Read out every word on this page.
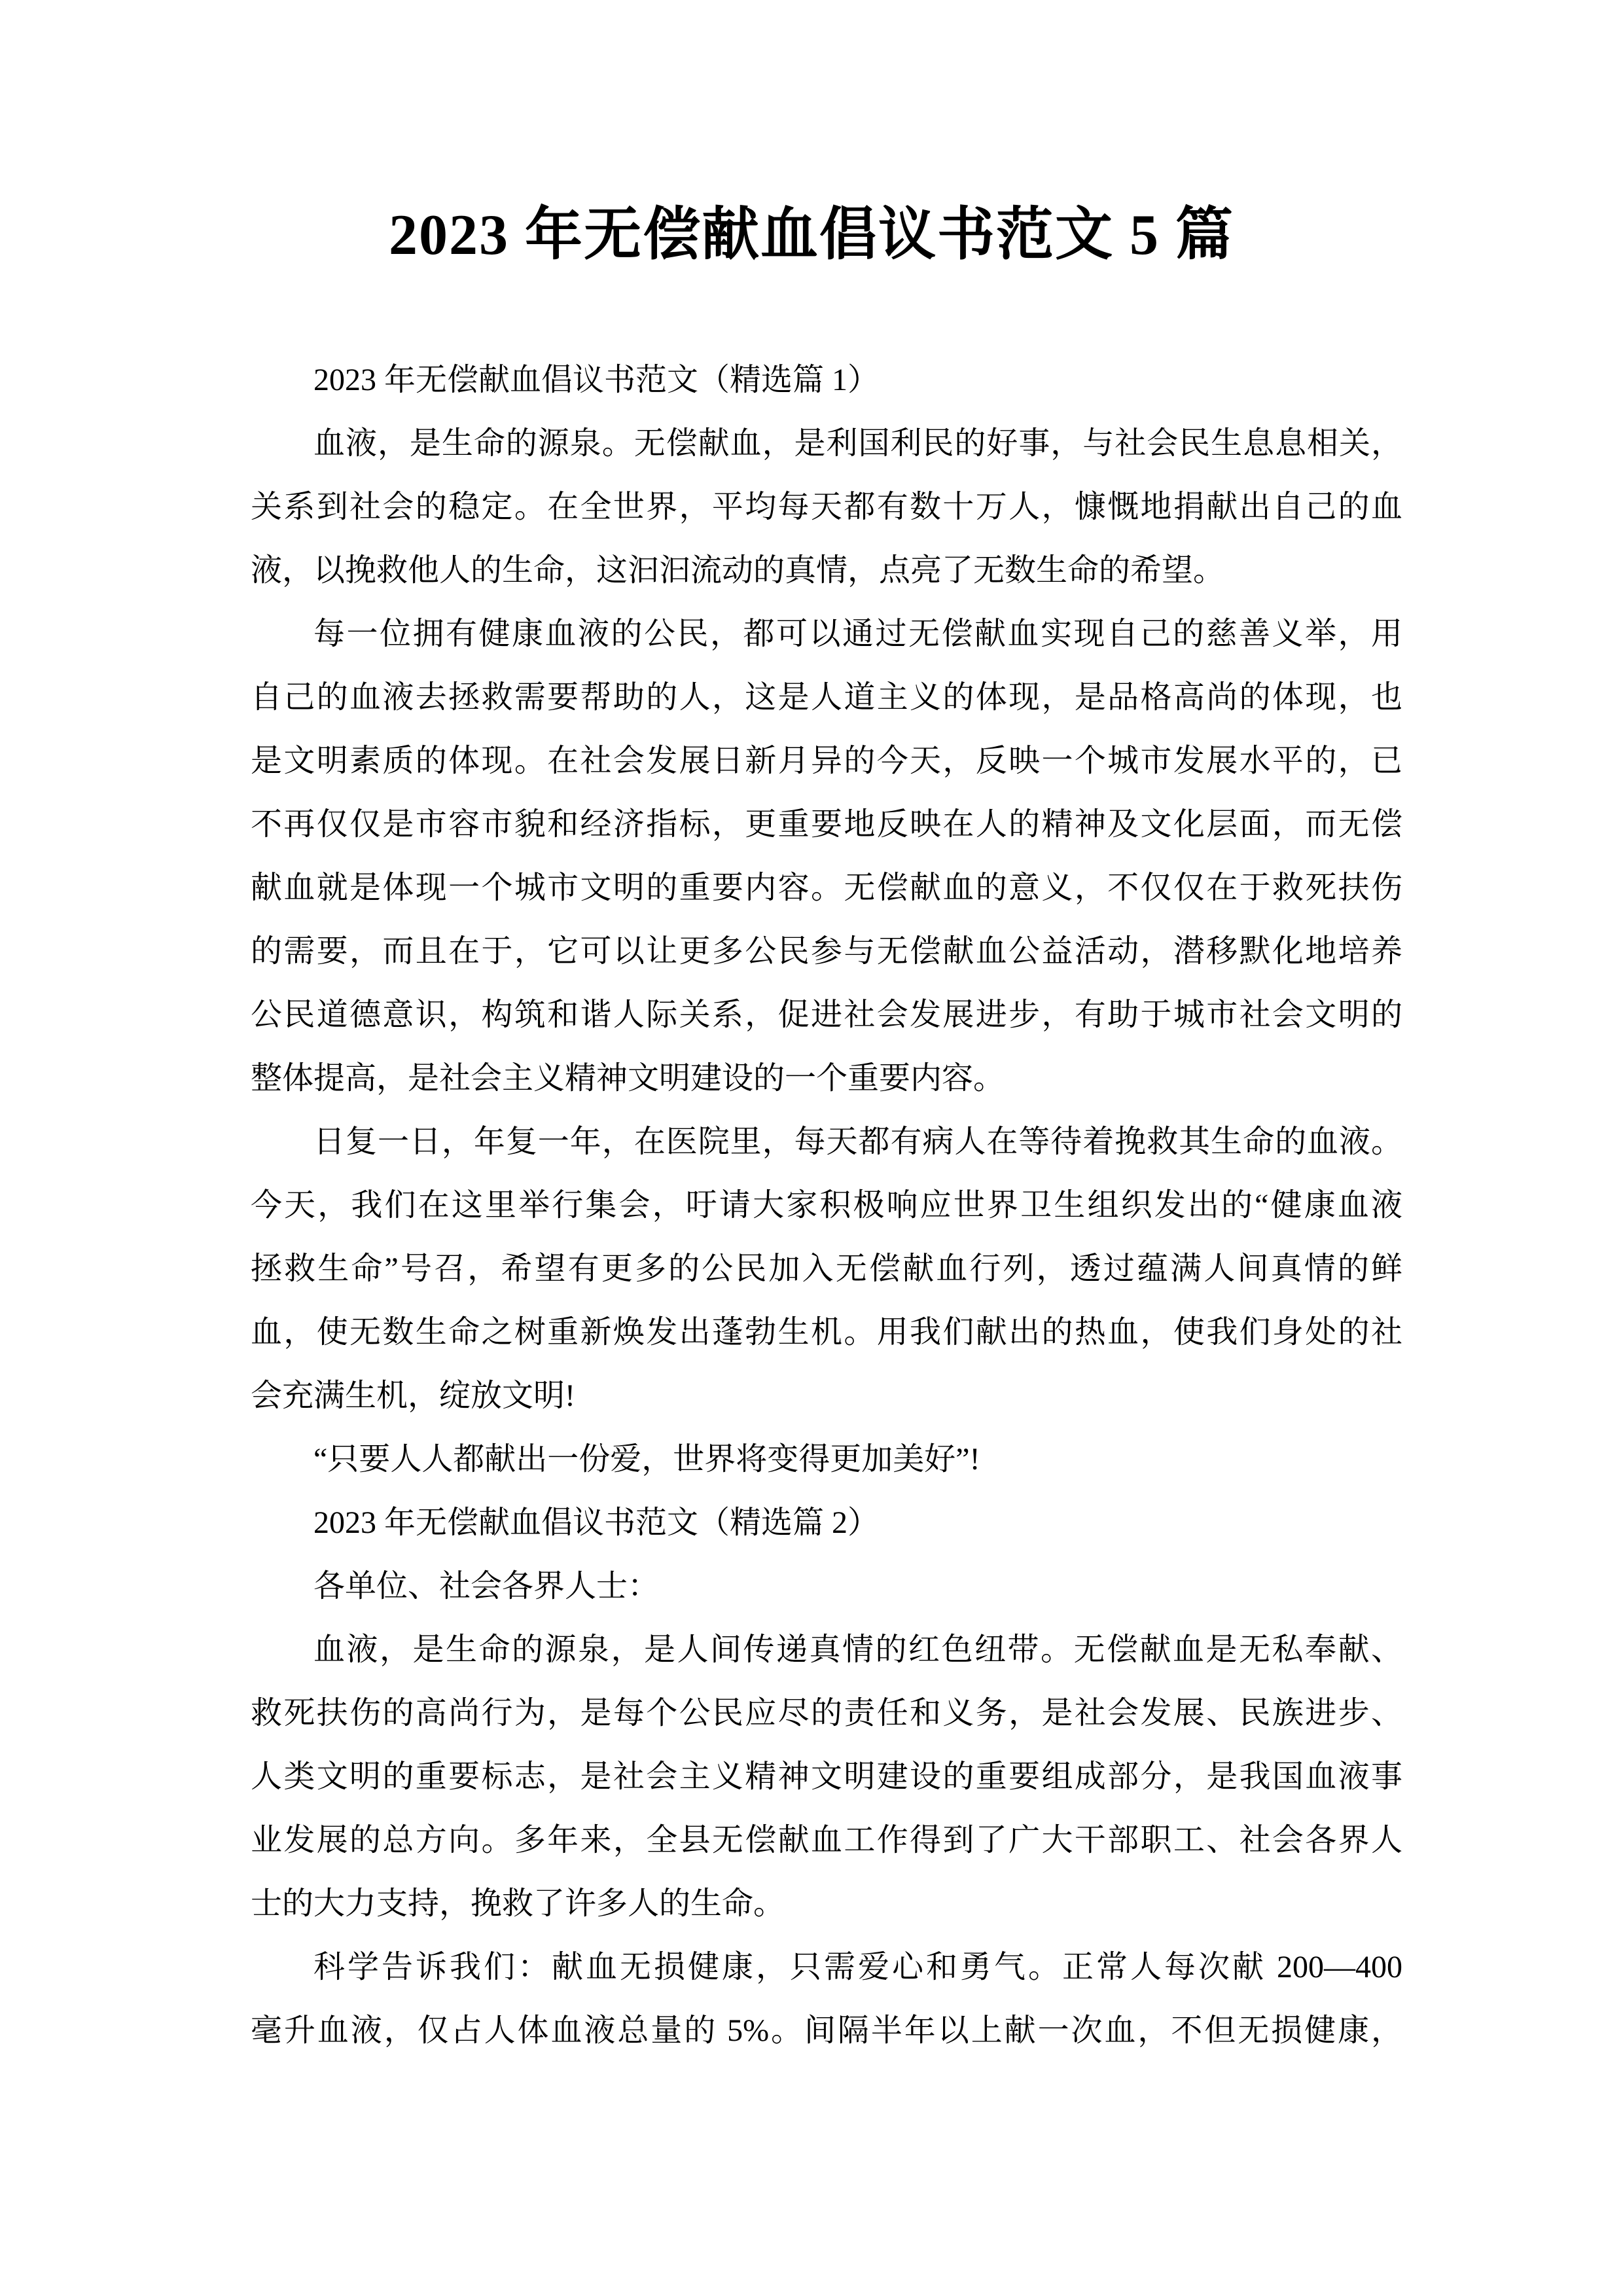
2023 年无偿献血倡议书范文 5 篇
2023 年无偿献血倡议书范文（精选篇 1）
血液，是生命的源泉。无偿献血，是利国利民的好事，与社会民生息息相关，
关系到社会的稳定。在全世界，平均每天都有数十万人，慷慨地捐献出自己的血
液，以挽救他人的生命，这汩汩流动的真情，点亮了无数生命的希望。
每一位拥有健康血液的公民，都可以通过无偿献血实现自己的慈善义举，用
自己的血液去拯救需要帮助的人，这是人道主义的体现，是品格高尚的体现，也
是文明素质的体现。在社会发展日新月异的今天，反映一个城市发展水平的，已
不再仅仅是市容市貌和经济指标，更重要地反映在人的精神及文化层面，而无偿
献血就是体现一个城市文明的重要内容。无偿献血的意义，不仅仅在于救死扶伤
的需要，而且在于，它可以让更多公民参与无偿献血公益活动，潜移默化地培养
公民道德意识，构筑和谐人际关系，促进社会发展进步，有助于城市社会文明的
整体提高，是社会主义精神文明建设的一个重要内容。
日复一日，年复一年，在医院里，每天都有病人在等待着挽救其生命的血液。
今天，我们在这里举行集会，吁请大家积极响应世界卫生组织发出的“健康血液
拯救生命”号召，希望有更多的公民加入无偿献血行列，透过蕴满人间真情的鲜
血，使无数生命之树重新焕发出蓬勃生机。用我们献出的热血，使我们身处的社
会充满生机，绽放文明!
“只要人人都献出一份爱，世界将变得更加美好”!
2023 年无偿献血倡议书范文（精选篇 2）
各单位、社会各界人士：
血液，是生命的源泉，是人间传递真情的红色纽带。无偿献血是无私奉献、
救死扶伤的高尚行为，是每个公民应尽的责任和义务，是社会发展、民族进步、
人类文明的重要标志，是社会主义精神文明建设的重要组成部分，是我国血液事
业发展的总方向。多年来，全县无偿献血工作得到了广大干部职工、社会各界人
士的大力支持，挽救了许多人的生命。
科学告诉我们：献血无损健康，只需爱心和勇气。正常人每次献 200—400
毫升血液，仅占人体血液总量的 5%。间隔半年以上献一次血，不但无损健康，
